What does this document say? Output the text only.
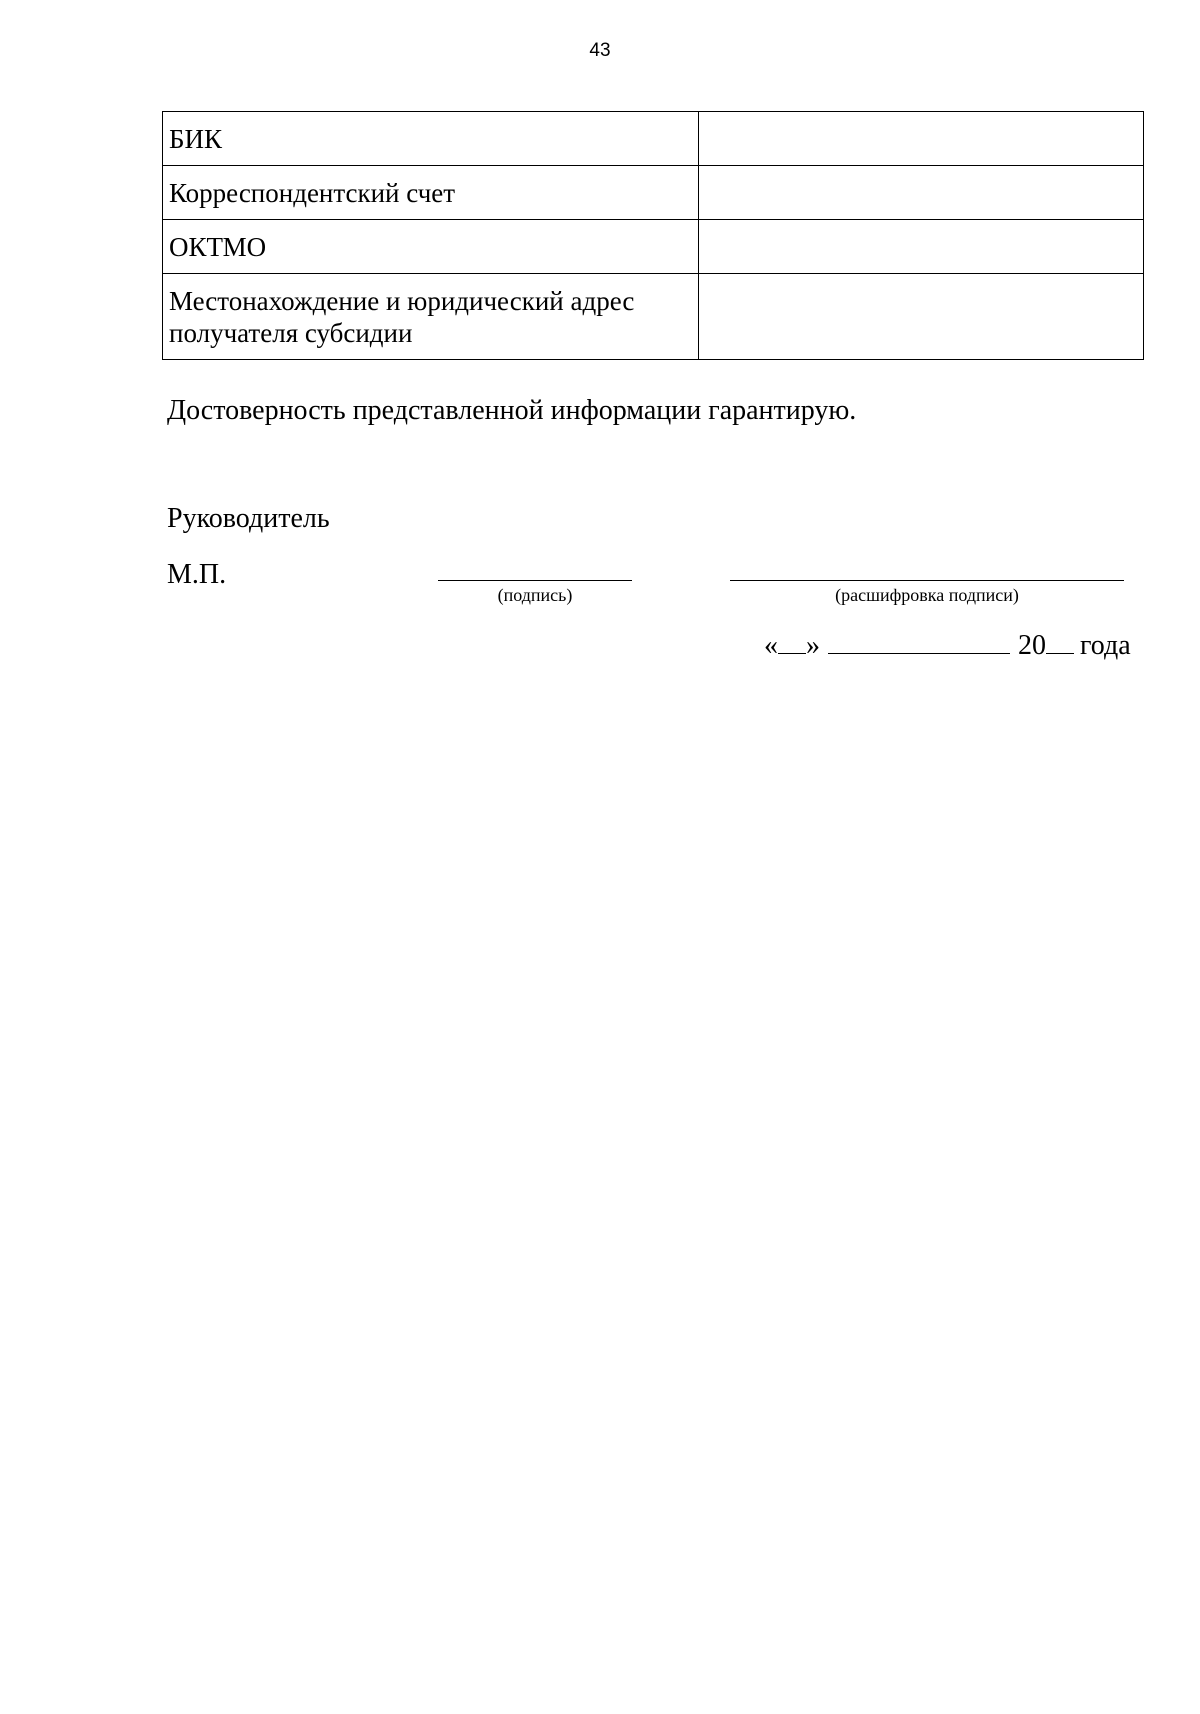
43
БИК	
Корреспондентский счет	
ОКТМО	
Местонахождение и юридический адрес получателя субсидии	
Достоверность представленной информации гарантирую.
Руководитель
М.П.
(подпись)	(расшифровка подписи)
« »	20 года
